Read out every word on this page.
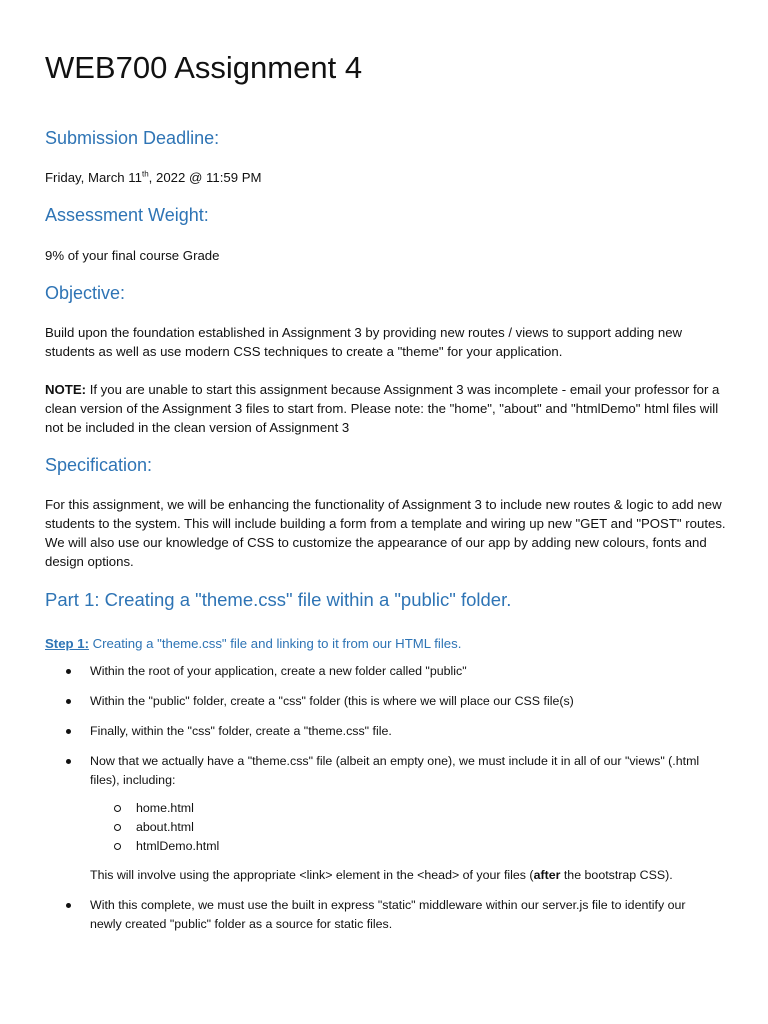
WEB700 Assignment 4
Submission Deadline:

Friday, March 11th, 2022 @ 11:59 PM

Assessment Weight:

9% of your final course Grade

Objective:

Build upon the foundation established in Assignment 3 by providing new routes / views to support adding new students as well as use modern CSS techniques to create a "theme" for your application.

NOTE: If you are unable to start this assignment because Assignment 3 was incomplete - email your professor for a clean version of the Assignment 3 files to start from. Please note: the "home", "about" and "htmlDemo" html files will not be included in the clean version of Assignment 3

Specification:

For this assignment, we will be enhancing the functionality of Assignment 3 to include new routes & logic to add new students to the system. This will include building a form from a template and wiring up new "GET and "POST" routes. We will also use our knowledge of CSS to customize the appearance of our app by adding new colours, fonts and design options.

Part 1: Creating a "theme.css" file within a "public" folder.

Step 1: Creating a "theme.css" file and linking to it from our HTML files.

Within the root of your application, create a new folder called "public"
Within the "public" folder, create a "css" folder (this is where we will place our CSS file(s)
Finally, within the "css" folder, create a "theme.css" file.
Now that we actually have a "theme.css" file (albeit an empty one), we must include it in all of our "views" (.html files), including:
home.html
about.html
htmlDemo.html

This will involve using the appropriate <link> element in the <head> of your files (after the bootstrap CSS).

With this complete, we must use the built in express "static" middleware within our server.js file to identify our newly created "public" folder as a source for static files.
